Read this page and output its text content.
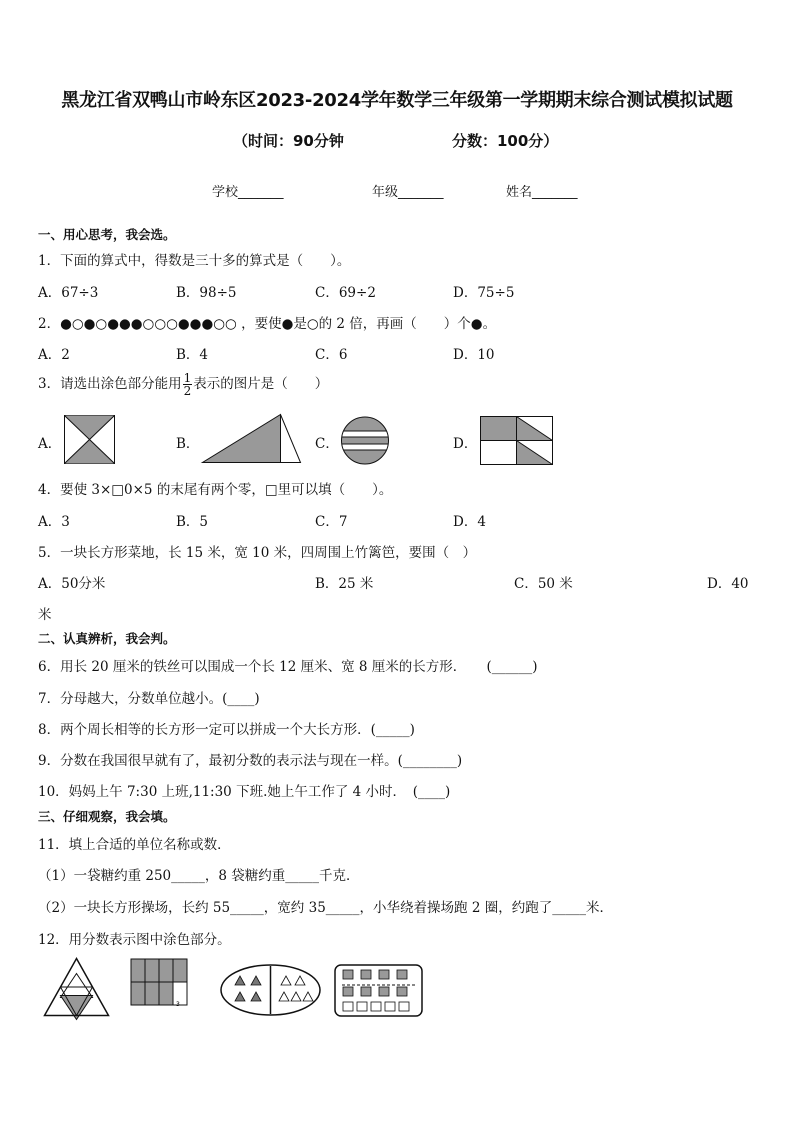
黑龙江省双鸭山市岭东区2023-2024学年数学三年级第一学期期末综合测试模拟试题
（时间：90分钟	分数：100分）
学校_______	年级_______	姓名_______
一、用心思考，我会选。
1．下面的算式中，得数是三十多的算式是（　　）。
A．67÷3	B．98÷5	C．69÷2	D．75÷5
2．●○●○●●●○○○●●●○○ ，要使●是○的 2 倍，再画（　　）个●。
A．2	B．4	C．6	D．10
3．请选出涂色部分能用 $\frac{1}{2}$ 表示的图片是（　　）
A．	B．	C．	D．
4．要使 3×□0×5 的末尾有两个零，□里可以填（　　）。
A．3	B．5	C．7	D．4
5．一块长方形菜地，长 15 米，宽 10 米，四周围上竹篱笆，要围（　）
A．50分米	B．25 米	C．50 米	D．40
米
二、认真辨析，我会判。
6．用长 20 厘米的铁丝可以围成一个长 12 厘米、宽 8 厘米的长方形．　　(______)
7．分母越大，分数单位越小。(____)
8．两个周长相等的长方形一定可以拼成一个大长方形．(_____)
9．分数在我国很早就有了，最初分数的表示法与现在一样。(________)
10．妈妈上午 7:30 上班,11:30 下班.她上午工作了 4 小时．　(____)
三、仔细观察，我会填。
11．填上合适的单位名称或数．
（1）一袋糖约重 250_____，8 袋糖约重_____千克．
（2）一块长方形操场，长约 55_____，宽约 35_____，小华绕着操场跑 2 圈，约跑了_____米．
12．用分数表示图中涂色部分。
3
